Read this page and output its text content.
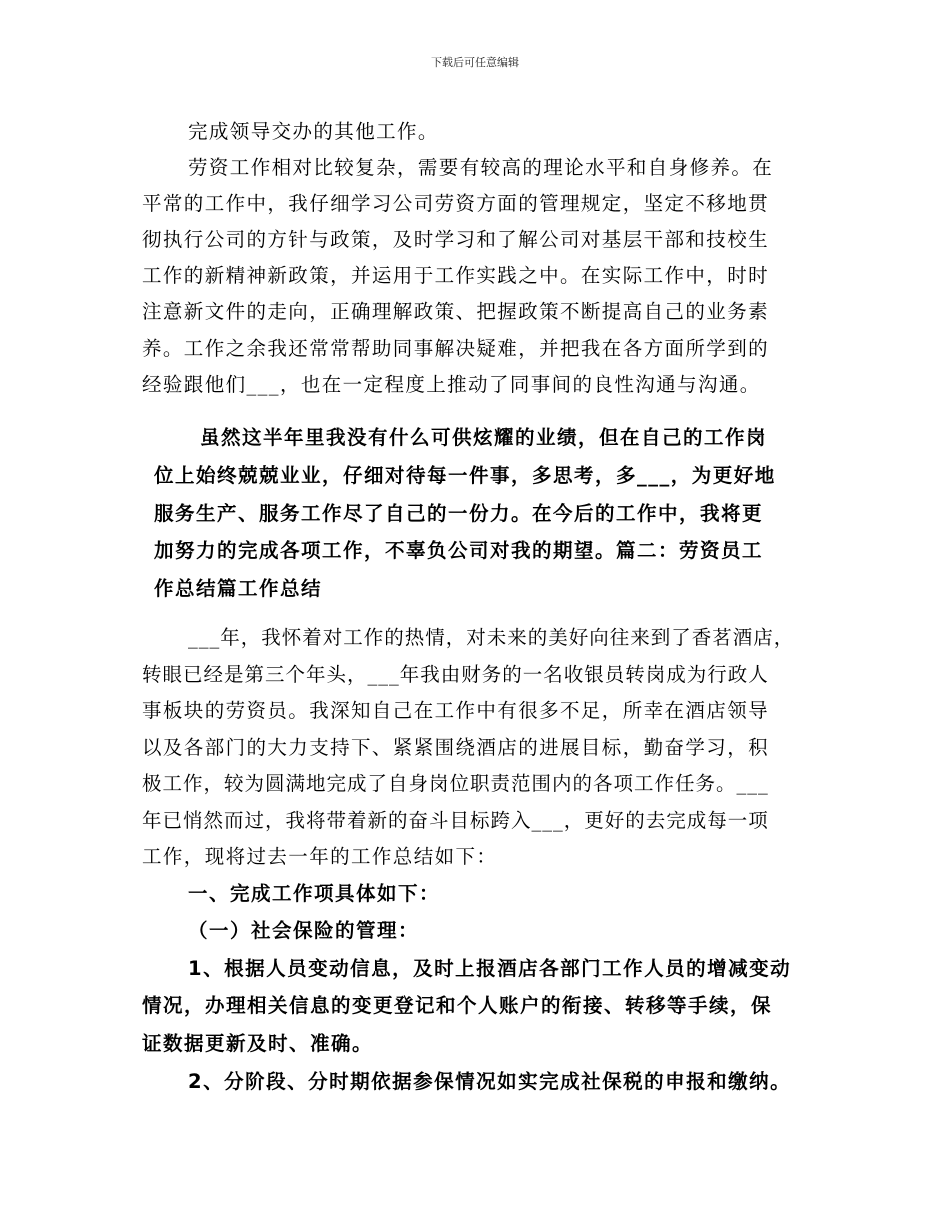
下载后可任意编辑

完成领导交办的其他工作。

劳资工作相对比较复杂，需要有较高的理论水平和自身修养。在

平常的工作中，我仔细学习公司劳资方面的管理规定，坚定不移地贯

彻执行公司的方针与政策，及时学习和了解公司对基层干部和技校生

工作的新精神新政策，并运用于工作实践之中。在实际工作中，时时

注意新文件的走向，正确理解政策、把握政策不断提高自己的业务素

养。工作之余我还常常帮助同事解决疑难，并把我在各方面所学到的

经验跟他们___，也在一定程度上推动了同事间的良性沟通与沟通。

虽然这半年里我没有什么可供炫耀的业绩，但在自己的工作岗

位上始终兢兢业业，仔细对待每一件事，多思考，多___，为更好地

服务生产、服务工作尽了自己的一份力。在今后的工作中，我将更

加努力的完成各项工作，不辜负公司对我的期望。篇二：劳资员工

作总结篇工作总结

___年，我怀着对工作的热情，对未来的美好向往来到了香茗酒店，

转眼已经是第三个年头，___年我由财务的一名收银员转岗成为行政人

事板块的劳资员。我深知自己在工作中有很多不足，所幸在酒店领导

以及各部门的大力支持下、紧紧围绕酒店的进展目标，勤奋学习，积

极工作，较为圆满地完成了自身岗位职责范围内的各项工作任务。___

年已悄然而过，我将带着新的奋斗目标跨入___，更好的去完成每一项

工作，现将过去一年的工作总结如下：

一、完成工作项具体如下：

（一）社会保险的管理：

1、根据人员变动信息，及时上报酒店各部门工作人员的增减变动

情况，办理相关信息的变更登记和个人账户的衔接、转移等手续，保

证数据更新及时、准确。

2、分阶段、分时期依据参保情况如实完成社保税的申报和缴纳。
